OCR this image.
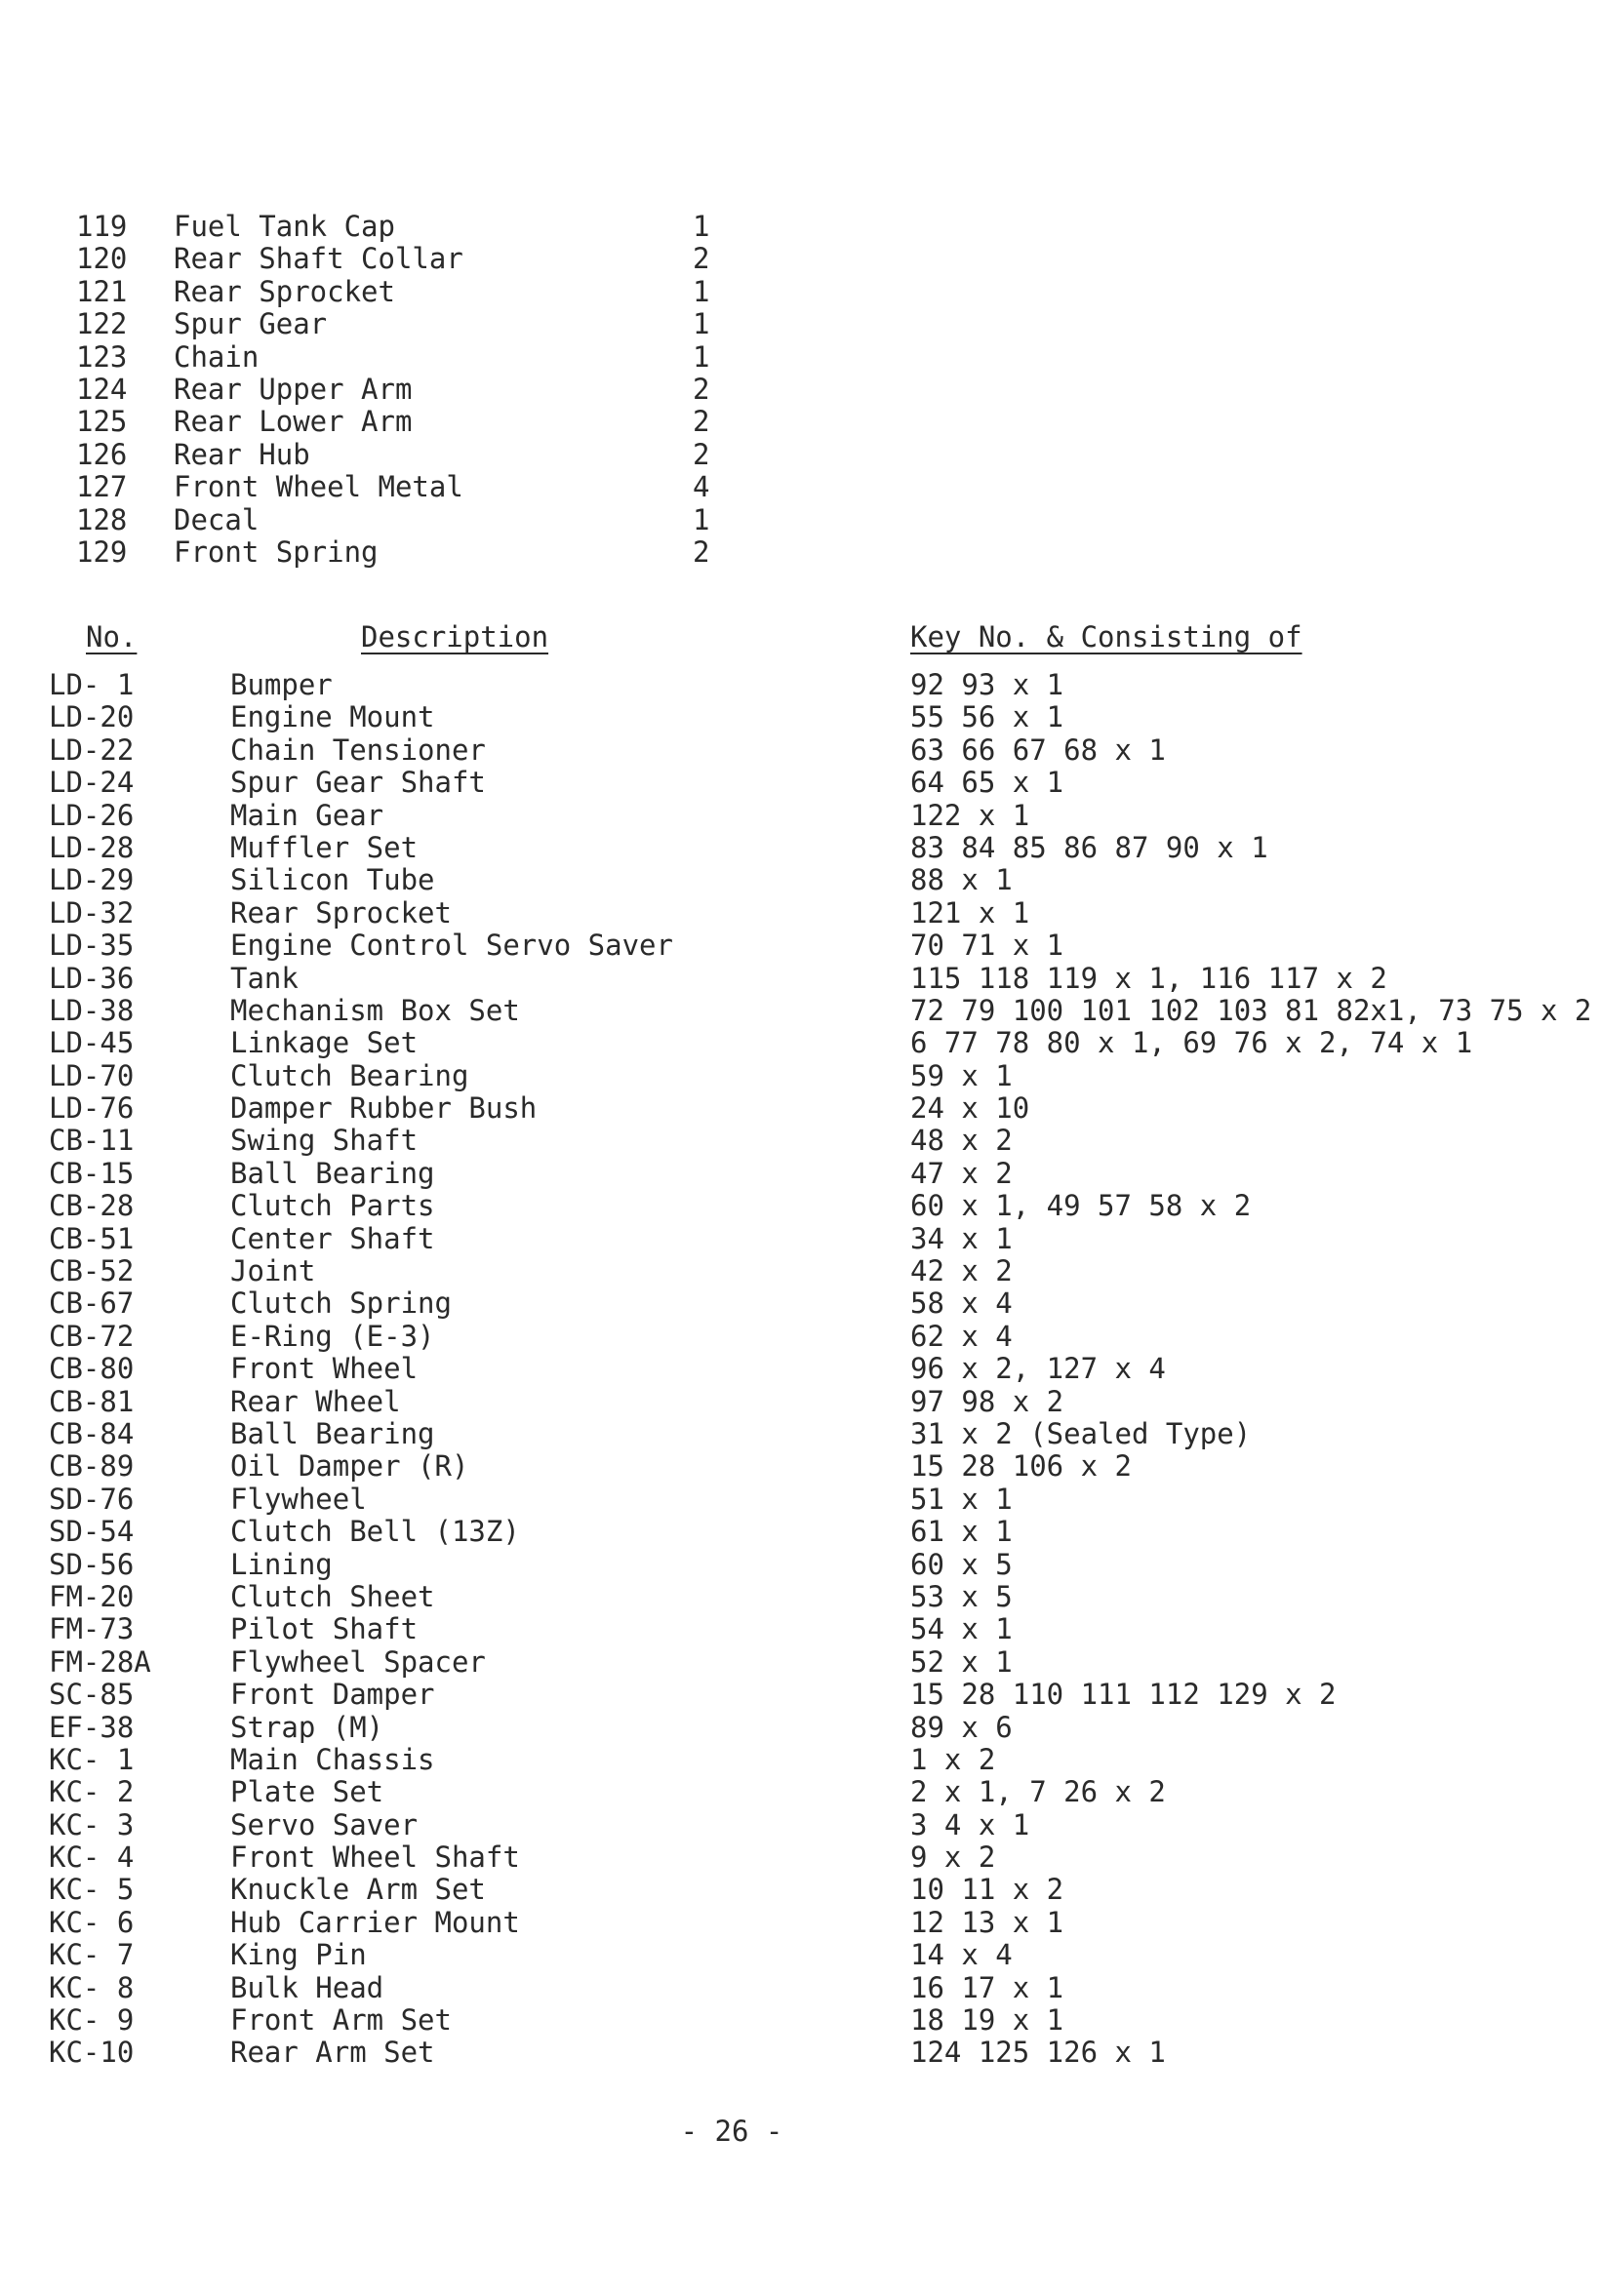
119 Fuel Tank Cap	1
120 Rear Shaft Collar	2
121 Rear Sprocket	1
122 Spur Gear	1
123 Chain	1
124 Rear Upper Arm	2
125 Rear Lower Arm	2
126 Rear Hub	2
127 Front Wheel Metal	4
128 Decal	1
129 Front Spring	2
No.	Description	Key No. & Consisting of
LD- 1	Bumper	92 93 x 1
LD-20	Engine Mount	55 56 x 1
LD-22	Chain Tensioner	63 66 67 68 x 1
LD-24	Spur Gear Shaft	64 65 x 1
LD-26	Main Gear	122 x 1
LD-28	Muffler Set	83 84 85 86 87 90 x 1
LD-29	Silicon Tube	88 x 1
LD-32	Rear Sprocket	121 x 1
LD-35	Engine Control Servo Saver	70 71 x 1
LD-36	Tank	115 118 119 x 1, 116 117 x 2
LD-38	Mechanism Box Set	72 79 100 101 102 103 81 82x1, 73 75 x 2
LD-45	Linkage Set	6 77 78 80 x 1, 69 76 x 2, 74 x 1
LD-70	Clutch Bearing	59 x 1
LD-76	Damper Rubber Bush	24 x 10
CB-11	Swing Shaft	48 x 2
CB-15	Ball Bearing	47 x 2
CB-28	Clutch Parts	60 x 1, 49 57 58 x 2
CB-51	Center Shaft	34 x 1
CB-52	Joint	42 x 2
CB-67	Clutch Spring	58 x 4
CB-72	E-Ring (E-3)	62 x 4
CB-80	Front Wheel	96 x 2, 127 x 4
CB-81	Rear Wheel	97 98 x 2
CB-84	Ball Bearing	31 x 2 (Sealed Type)
CB-89	Oil Damper (R)	15 28 106 x 2
SD-76	Flywheel	51 x 1
SD-54	Clutch Bell (13Z)	61 x 1
SD-56	Lining	60 x 5
FM-20	Clutch Sheet	53 x 5
FM-73	Pilot Shaft	54 x 1
FM-28A	Flywheel Spacer	52 x 1
SC-85	Front Damper	15 28 110 111 112 129 x 2
EF-38	Strap (M)	89 x 6
KC- 1	Main Chassis	1 x 2
KC- 2	Plate Set	2 x 1, 7 26 x 2
KC- 3	Servo Saver	3 4 x 1
KC- 4	Front Wheel Shaft	9 x 2
KC- 5	Knuckle Arm Set	10 11 x 2
KC- 6	Hub Carrier Mount	12 13 x 1
KC- 7	King Pin	14 x 4
KC- 8	Bulk Head	16 17 x 1
KC- 9	Front Arm Set	18 19 x 1
KC-10	Rear Arm Set	124 125 126 x 1
- 26 -
